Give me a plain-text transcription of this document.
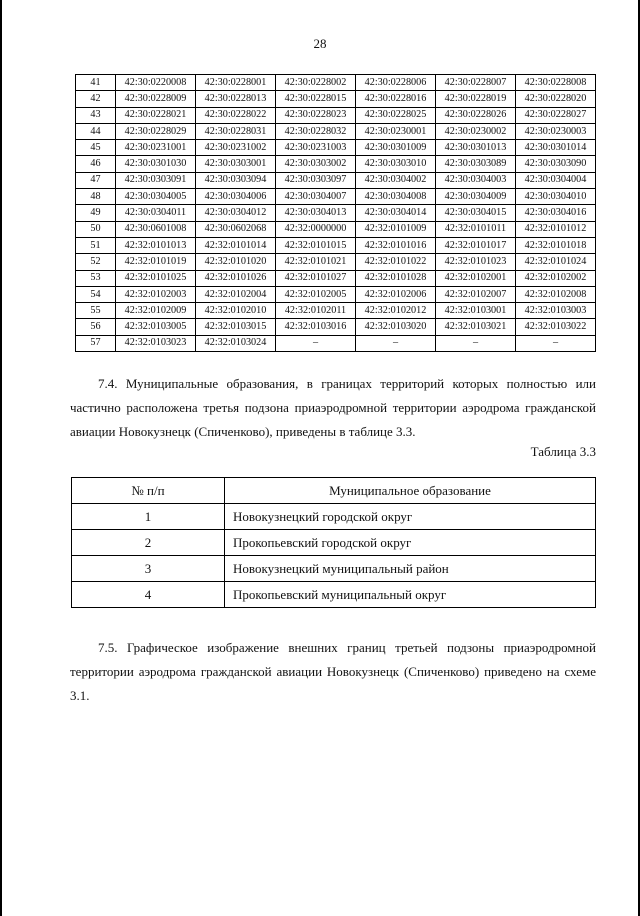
28
41	42:30:0220008	42:30:0228001	42:30:0228002	42:30:0228006	42:30:0228007	42:30:0228008
42	42:30:0228009	42:30:0228013	42:30:0228015	42:30:0228016	42:30:0228019	42:30:0228020
43	42:30:0228021	42:30:0228022	42:30:0228023	42:30:0228025	42:30:0228026	42:30:0228027
44	42:30:0228029	42:30:0228031	42:30:0228032	42:30:0230001	42:30:0230002	42:30:0230003
45	42:30:0231001	42:30:0231002	42:30:0231003	42:30:0301009	42:30:0301013	42:30:0301014
46	42:30:0301030	42:30:0303001	42:30:0303002	42:30:0303010	42:30:0303089	42:30:0303090
47	42:30:0303091	42:30:0303094	42:30:0303097	42:30:0304002	42:30:0304003	42:30:0304004
48	42:30:0304005	42:30:0304006	42:30:0304007	42:30:0304008	42:30:0304009	42:30:0304010
49	42:30:0304011	42:30:0304012	42:30:0304013	42:30:0304014	42:30:0304015	42:30:0304016
50	42:30:0601008	42:30:0602068	42:32:0000000	42:32:0101009	42:32:0101011	42:32:0101012
51	42:32:0101013	42:32:0101014	42:32:0101015	42:32:0101016	42:32:0101017	42:32:0101018
52	42:32:0101019	42:32:0101020	42:32:0101021	42:32:0101022	42:32:0101023	42:32:0101024
53	42:32:0101025	42:32:0101026	42:32:0101027	42:32:0101028	42:32:0102001	42:32:0102002
54	42:32:0102003	42:32:0102004	42:32:0102005	42:32:0102006	42:32:0102007	42:32:0102008
55	42:32:0102009	42:32:0102010	42:32:0102011	42:32:0102012	42:32:0103001	42:32:0103003
56	42:32:0103005	42:32:0103015	42:32:0103016	42:32:0103020	42:32:0103021	42:32:0103022
57	42:32:0103023	42:32:0103024	–	–	–	–
7.4. Муниципальные образования, в границах территорий которых полностью или частично расположена третья подзона приаэродромной территории аэродрома гражданской авиации Новокузнецк (Спиченково), приведены в таблице 3.3.
Таблица 3.3
№ п/п	Муниципальное образование
1	Новокузнецкий городской округ
2	Прокопьевский городской округ
3	Новокузнецкий муниципальный район
4	Прокопьевский муниципальный округ
7.5. Графическое изображение внешних границ третьей подзоны приаэродромной территории аэродрома гражданской авиации Новокузнецк (Спиченково) приведено на схеме 3.1.
